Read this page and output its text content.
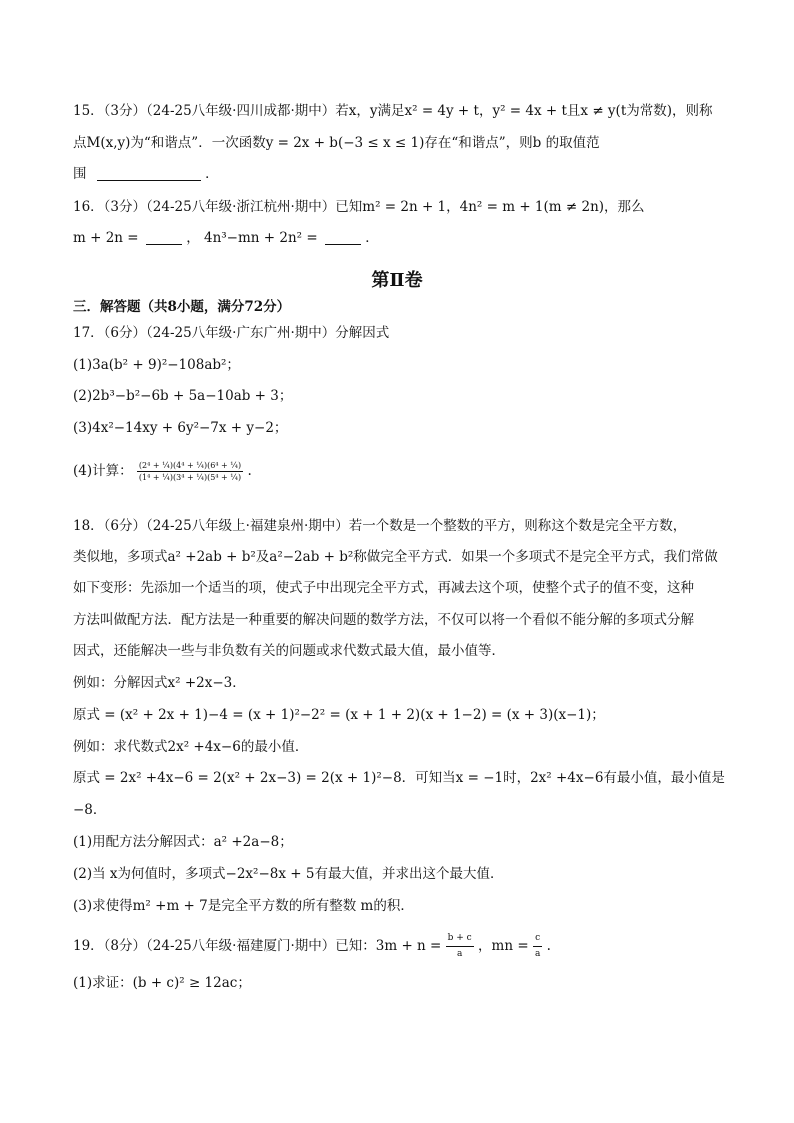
15．（3分）（24-25八年级·四川成都·期中）若x，y满足x² = 4y + t，y² = 4x + t且x ≠ y(t为常数)，则称
点M(x,y)为“和谐点”．一次函数y = 2x + b(−3 ≤ x ≤ 1)存在“和谐点”，则b 的取值范
围	．
16．（3分）（24-25八年级·浙江杭州·期中）已知m² = 2n + 1，4n² = m + 1(m ≠ 2n)，那么
m + 2n =	， 4n³−mn + 2n² =	．
第Ⅱ卷
三．解答题（共8小题，满分72分）
17．（6分）（24-25八年级·广东广州·期中）分解因式
(1)3a(b² + 9)²−108ab²；
(2)2b³−b²−6b + 5a−10ab + 3；
(3)4x²−14xy + 6y²−7x + y−2；
(4)计算： $\frac{\text{(2⁴ + ¼)(4⁴ + ¼)(6⁴ + ¼)}}{\text{(1⁴ + ¼)(3⁴ + ¼)(5⁴ + ¼)}}$ .
18．（6分）（24-25八年级上·福建泉州·期中）若一个数是一个整数的平方，则称这个数是完全平方数，
类似地，多项式a² +2ab + b²及a²−2ab + b²称做完全平方式．如果一个多项式不是完全平方式，我们常做
如下变形：先添加一个适当的项，使式子中出现完全平方式，再减去这个项，使整个式子的值不变，这种
方法叫做配方法．配方法是一种重要的解决问题的数学方法，不仅可以将一个看似不能分解的多项式分解
因式，还能解决一些与非负数有关的问题或求代数式最大值，最小值等．
例如：分解因式x² +2x−3．
原式 = (x² + 2x + 1)−4 = (x + 1)²−2² = (x + 1 + 2)(x + 1−2) = (x + 3)(x−1)；
例如：求代数式2x² +4x−6的最小值．
原式 = 2x² +4x−6 = 2(x² + 2x−3) = 2(x + 1)²−8．可知当x = −1时，2x² +4x−6有最小值，最小值是
−8．
(1)用配方法分解因式：a² +2a−8；
(2)当 x为何值时，多项式−2x²−8x + 5有最大值，并求出这个最大值．
(3)求使得m² +m + 7是完全平方数的所有整数 m的积．
19．（8分）（24-25八年级·福建厦门·期中）已知：$3m + n = \frac{b + c}{a}$ ，mn = $\frac{c}{a}$ .
(1)求证：(b + c)² ≥ 12ac；
